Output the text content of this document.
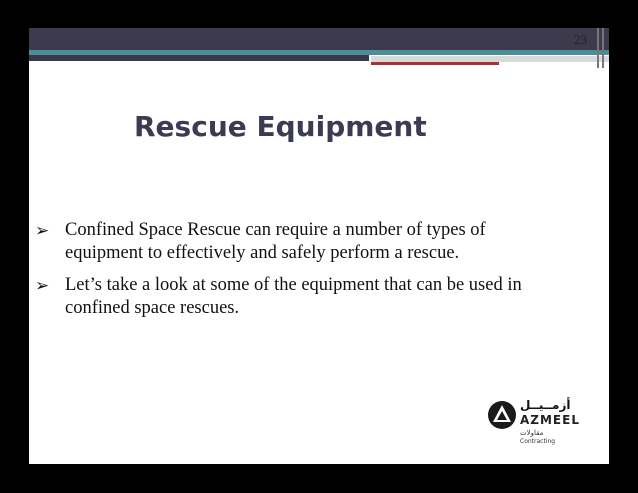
23
Rescue Equipment
➢ Confined Space Rescue can require a number of types of equipment to effectively and safely perform a rescue.
➢ Let’s take a look at some of the equipment that can be used in confined space rescues.
أزمــيــل
AZMEEL
مقاولات
Contracting
